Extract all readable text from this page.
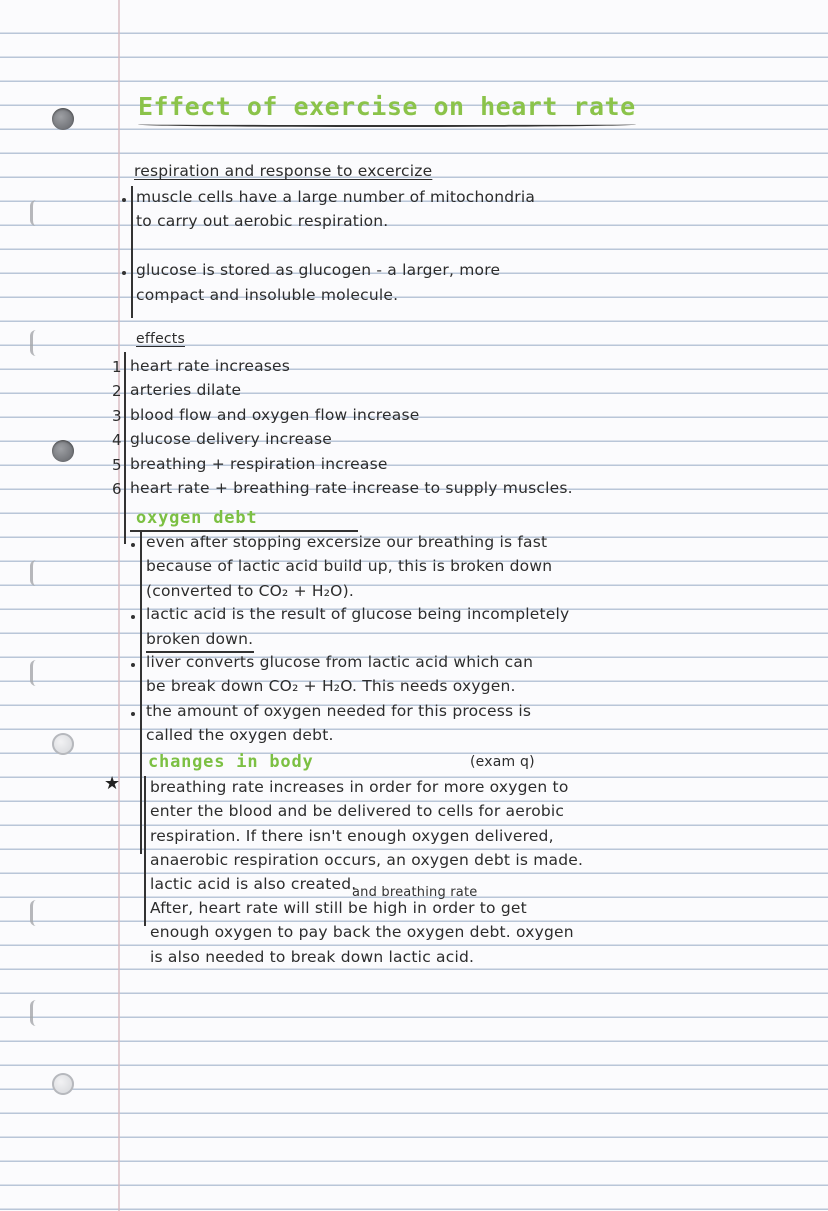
Effect of exercise on heart rate
respiration and response to excercize
muscle cells have a large number of mitochondria
to carry out aerobic respiration.
glucose is stored as glucogen - a larger, more
compact and insoluble molecule.
effects
1 heart rate increases
2 arteries dilate
3 blood flow and oxygen flow increase
4 glucose delivery increase
5 breathing + respiration increase
6 heart rate + breathing rate increase to supply muscles.
oxygen debt
even after stopping excersize our breathing is fast
because of lactic acid build up, this is broken down
(converted to CO₂ + H₂O).
lactic acid is the result of glucose being incompletely
broken down.
liver converts glucose from lactic acid which can
be break down CO₂ + H₂O. This needs oxygen.
the amount of oxygen needed for this process is
called the oxygen debt.
changes in body	(exam q)
★ breathing rate increases in order for more oxygen to
enter the blood and be delivered to cells for aerobic
respiration. If there isn't enough oxygen delivered,
anaerobic respiration occurs, an oxygen debt is made.
lactic acid is also created.
and breathing rate
After, heart rate will still be high in order to get
enough oxygen to pay back the oxygen debt. oxygen
is also needed to break down lactic acid.
